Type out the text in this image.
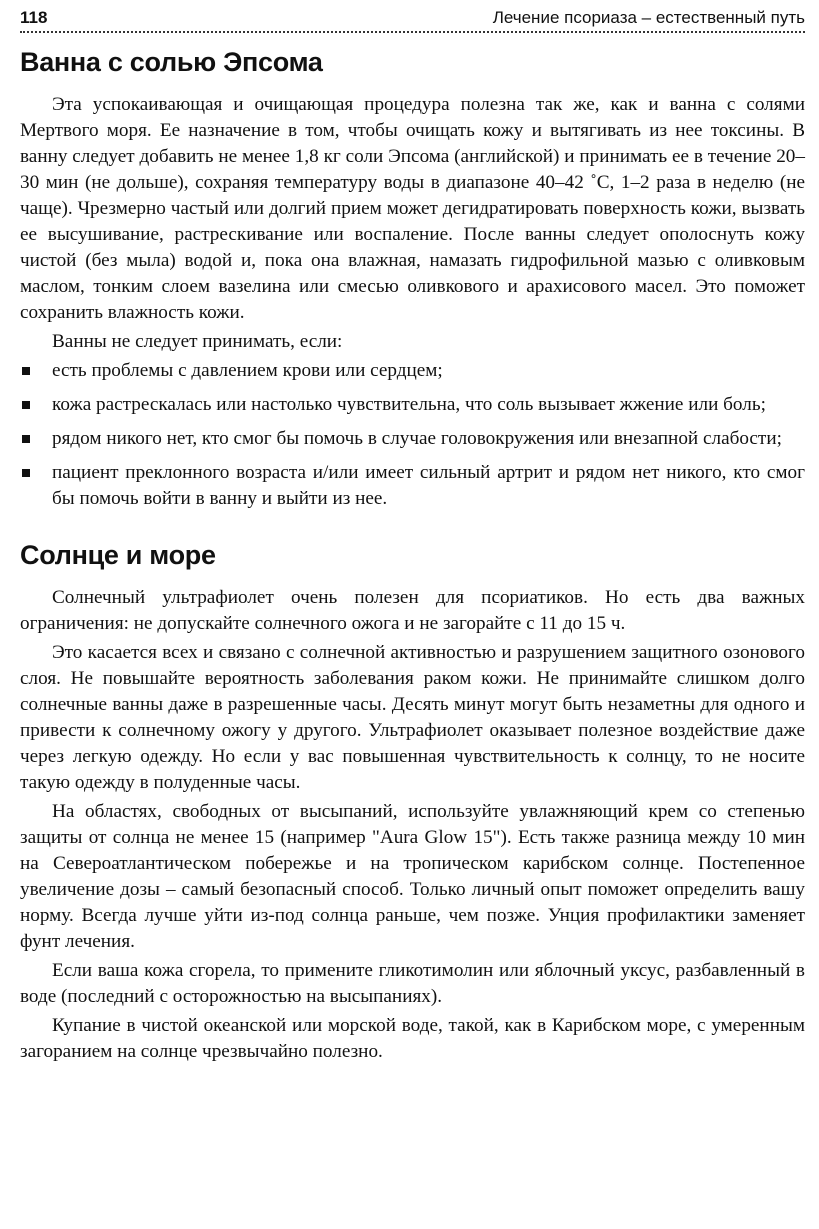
118	Лечение псориаза – естественный путь
Ванна с солью Эпсома

Эта успокаивающая и очищающая процедура полезна так же, как и ванна с солями Мертвого моря. Ее назначение в том, чтобы очищать кожу и вытягивать из нее токсины. В ванну следует добавить не менее 1,8 кг соли Эпсома (английской) и принимать ее в течение 20–30 мин (не дольше), сохраняя температуру воды в диапазоне 40–42 ˚С, 1–2 раза в неделю (не чаще). Чрезмерно частый или долгий прием может дегидратировать поверхность кожи, вызвать ее высушивание, растрескивание или воспаление. После ванны следует ополоснуть кожу чистой (без мыла) водой и, пока она влажная, намазать гидрофильной мазью с оливковым маслом, тонким слоем вазелина или смесью оливкового и арахисового масел. Это поможет сохранить влажность кожи.

Ванны не следует принимать, если:

есть проблемы с давлением крови или сердцем;
кожа растрескалась или настолько чувствительна, что соль вызывает жжение или боль;
рядом никого нет, кто смог бы помочь в случае головокружения или внезапной слабости;
пациент преклонного возраста и/или имеет сильный артрит и рядом нет никого, кто смог бы помочь войти в ванну и выйти из нее.
Солнце и море

Солнечный ультрафиолет очень полезен для псориатиков. Но есть два важных ограничения: не допускайте солнечного ожога и не загорайте с 11 до 15 ч.

Это касается всех и связано с солнечной активностью и разрушением защитного озонового слоя. Не повышайте вероятность заболевания раком кожи. Не принимайте слишком долго солнечные ванны даже в разрешенные часы. Десять минут могут быть незаметны для одного и привести к солнечному ожогу у другого. Ультрафиолет оказывает полезное воздействие даже через легкую одежду. Но если у вас повышенная чувствительность к солнцу, то не носите такую одежду в полуденные часы.

На областях, свободных от высыпаний, используйте увлажняющий крем со степенью защиты от солнца не менее 15 (например "Aura Glow 15"). Есть также разница между 10 мин на Североатлантическом побережье и на тропическом карибском солнце. Постепенное увеличение дозы – самый безопасный способ. Только личный опыт поможет определить вашу норму. Всегда лучше уйти из-под солнца раньше, чем позже. Унция профилактики заменяет фунт лечения.

Если ваша кожа сгорела, то примените гликотимолин или яблочный уксус, разбавленный в воде (последний с осторожностью на высыпаниях).

Купание в чистой океанской или морской воде, такой, как в Карибском море, с умеренным загоранием на солнце чрезвычайно полезно.
